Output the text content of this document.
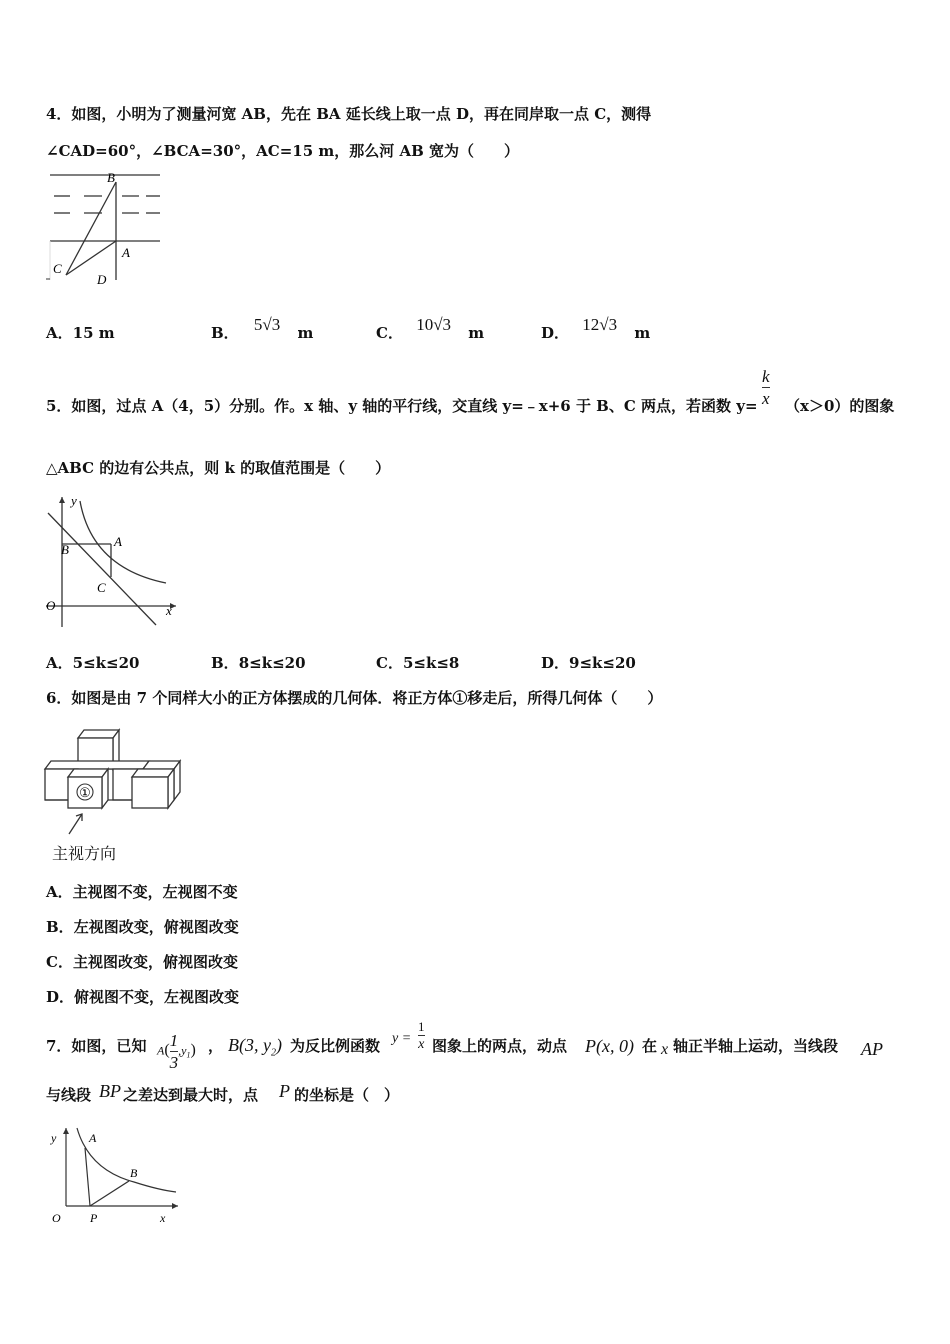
4．如图，小明为了测量河宽 AB，先在 BA 延长线上取一点 D，再在同岸取一点 C，测得
∠CAD=60°，∠BCA=30°，AC=15 m，那么河 AB 宽为（　　）
B
A
C
D
A．15 m	B． 5√3 m	C． 10√3 m	D． 12√3 m
5．如图，过点 A（4，5）分别。作。x 轴、y 轴的平行线，交直线 y=﹣x+6 于 B、C 两点，若函数 $y= \frac{k}{x} (x>0)$的图象
△ABC 的边有公共点，则 k 的取值范围是（　　）
y
B
A
C
O	x
A．5≤k≤20	B．8≤k≤20	C．5≤k≤8	D．9≤k≤20
6．如图是由 7 个同样大小的正方体摆成的几何体．将正方体①移走后，所得几何体（　　）
①
主视方向
A．主视图不变，左视图不变
B．左视图改变，俯视图改变
C．主视图改变，俯视图改变
D．俯视图不变，左视图改变
7．如图，已知 $A( \frac{1}{3} ,y_1)$ ， B(3, $y_2$) 为反比例函数 $y = \frac{1}{x}$ 图象上的两点，动点 P(x, 0) 在 x 轴正半轴上运动，当线段 AP
与线段 BP 之差达到最大时，点 P 的坐标是（　）
y	A
B
O P	x
